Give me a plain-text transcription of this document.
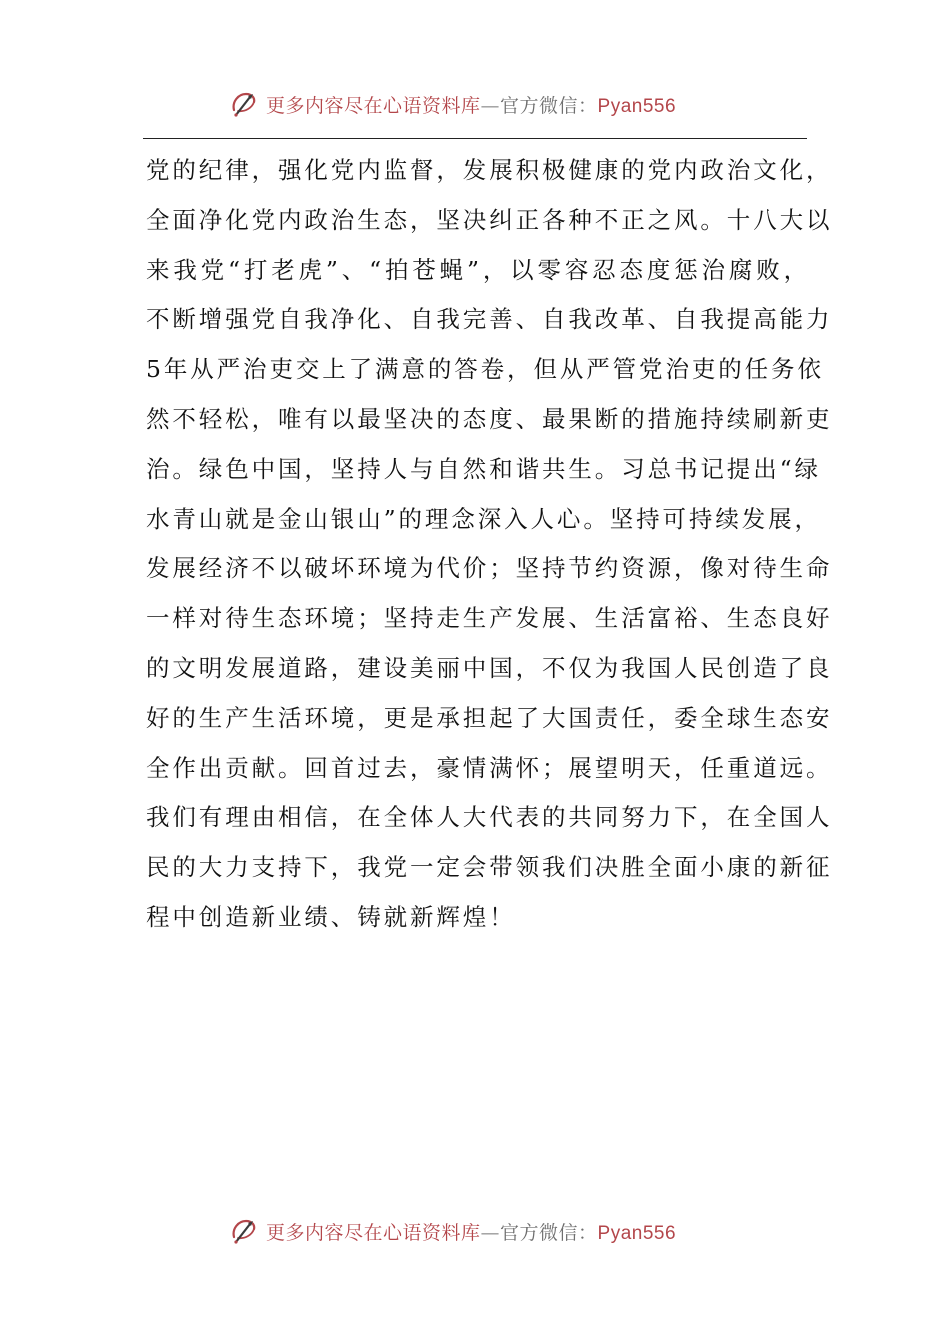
更多内容尽在心语资料库—官方微信：Pyan556
党的纪律，强化党内监督，发展积极健康的党内政治文化，
全面净化党内政治生态，坚决纠正各种不正之风。十八大以
来我党“打老虎”、“拍苍蝇”，以零容忍态度惩治腐败，
不断增强党自我净化、自我完善、自我改革、自我提高能力
5年从严治吏交上了满意的答卷，但从严管党治吏的任务依
然不轻松，唯有以最坚决的态度、最果断的措施持续刷新吏
治。绿色中国，坚持人与自然和谐共生。习总书记提出“绿
水青山就是金山银山”的理念深入人心。坚持可持续发展，
发展经济不以破坏环境为代价；坚持节约资源，像对待生命
一样对待生态环境；坚持走生产发展、生活富裕、生态良好
的文明发展道路，建设美丽中国，不仅为我国人民创造了良
好的生产生活环境，更是承担起了大国责任，委全球生态安
全作出贡献。回首过去，豪情满怀；展望明天，任重道远。
我们有理由相信，在全体人大代表的共同努力下，在全国人
民的大力支持下，我党一定会带领我们决胜全面小康的新征
程中创造新业绩、铸就新辉煌！
更多内容尽在心语资料库—官方微信：Pyan556
